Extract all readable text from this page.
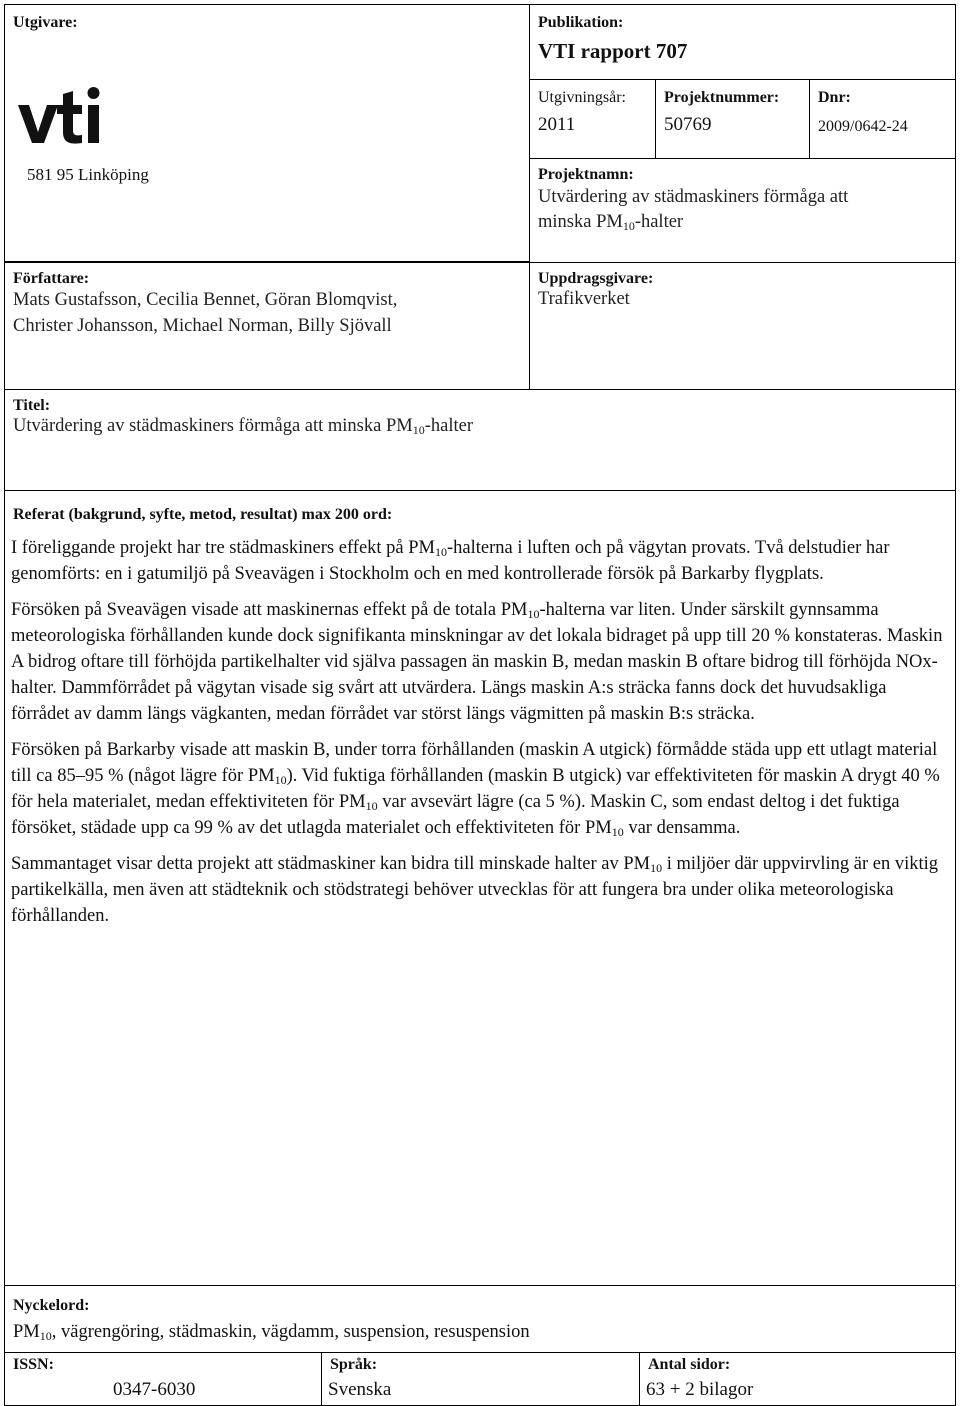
Utgivare:
581 95 Linköping
Publikation:
VTI rapport 707
Utgivningsår:
2011
Projektnummer:
50769
Dnr:
2009/0642-24
Projektnamn:
Utvärdering av städmaskiners förmåga att
minska $PM_{10}$-halter
Författare:
Mats Gustafsson, Cecilia Bennet, Göran Blomqvist,
Christer Johansson, Michael Norman, Billy Sjövall
Uppdragsgivare:
Trafikverket
Titel:
Utvärdering av städmaskiners förmåga att minska $PM_{10}$-halter
Referat (bakgrund, syfte, metod, resultat) max 200 ord:

I föreliggande projekt har tre städmaskiners effekt på $PM_{10}$-halterna i luften och på vägytan provats. Två delstudier har genomförts: en i gatumiljö på Sveavägen i Stockholm och en med kontrollerade försök på Barkarby flygplats.

Försöken på Sveavägen visade att maskinernas effekt på de totala $PM_{10}$-halterna var liten. Under särskilt gynnsamma meteorologiska förhållanden kunde dock signifikanta minskningar av det lokala bidraget på upp till 20 % konstateras. Maskin A bidrog oftare till förhöjda partikelhalter vid själva passagen än maskin B, medan maskin B oftare bidrog till förhöjda NOx-halter. Dammförrådet på vägytan visade sig svårt att utvärdera. Längs maskin A:s sträcka fanns dock det huvudsakliga förrådet av damm längs vägkanten, medan förrådet var störst längs vägmitten på maskin B:s sträcka.

Försöken på Barkarby visade att maskin B, under torra förhållanden (maskin A utgick) förmådde städa upp ett utlagt material till ca 85–95 % (något lägre för $PM_{10}$). Vid fuktiga förhållanden (maskin B utgick) var effektiviteten för maskin A drygt 40 % för hela materialet, medan effektiviteten för $PM_{10}$ var avsevärt lägre (ca 5 %). Maskin C, som endast deltog i det fuktiga försöket, städade upp ca 99 % av det utlagda materialet och effektiviteten för $PM_{10}$ var densamma.

Sammantaget visar detta projekt att städmaskiner kan bidra till minskade halter av $PM_{10}$ i miljöer där uppvirvling är en viktig partikelkälla, men även att städteknik och stödstrategi behöver utvecklas för att fungera bra under olika meteorologiska förhållanden.

Nyckelord:
$PM_{10}$, vägrengöring, städmaskin, vägdamm, suspension, resuspension
ISSN:
0347-6030
Språk:
Svenska
Antal sidor:
63 + 2 bilagor
